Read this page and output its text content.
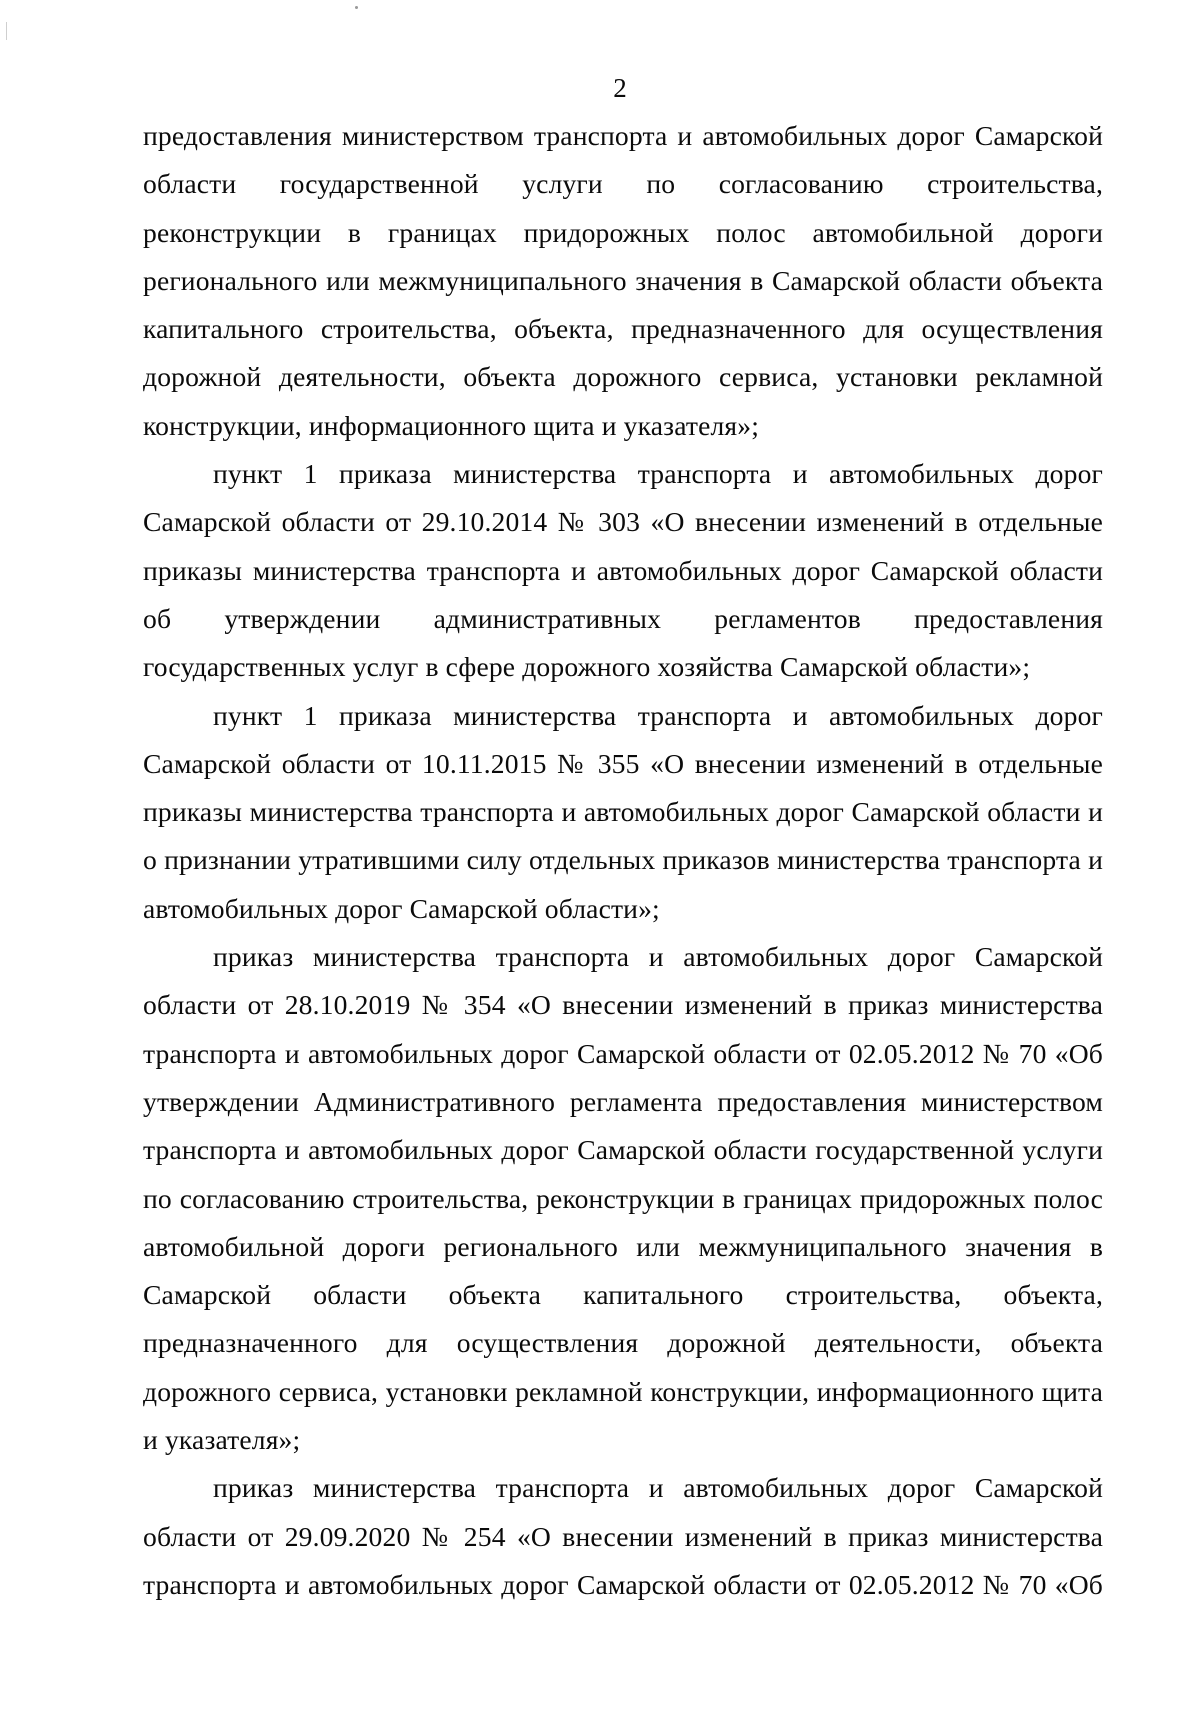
2

предоставления министерством транспорта и автомобильных дорог Самарской области государственной услуги по согласованию строительства, реконструкции в границах придорожных полос автомобильной дороги регионального или межмуниципального значения в Самарской области объекта капитального строительства, объекта, предназначенного для осуществления дорожной деятельности, объекта дорожного сервиса, установки рекламной конструкции, информационного щита и указателя»;

пункт 1 приказа министерства транспорта и автомобильных дорог Самарской области от 29.10.2014 № 303 «О внесении изменений в отдельные приказы министерства транспорта и автомобильных дорог Самарской области об утверждении административных регламентов предоставления государственных услуг в сфере дорожного хозяйства Самарской области»;

пункт 1 приказа министерства транспорта и автомобильных дорог Самарской области от 10.11.2015 № 355 «О внесении изменений в отдельные приказы министерства транспорта и автомобильных дорог Самарской области и о признании утратившими силу отдельных приказов министерства транспорта и автомобильных дорог Самарской области»;

приказ министерства транспорта и автомобильных дорог Самарской области от 28.10.2019 № 354 «О внесении изменений в приказ министерства транспорта и автомобильных дорог Самарской области от 02.05.2012 № 70 «Об утверждении Административного регламента предоставления министерством транспорта и автомобильных дорог Самарской области государственной услуги по согласованию строительства, реконструкции в границах придорожных полос автомобильной дороги регионального или межмуниципального значения в Самарской области объекта капитального строительства, объекта, предназначенного для осуществления дорожной деятельности, объекта дорожного сервиса, установки рекламной конструкции, информационного щита и указателя»;

приказ министерства транспорта и автомобильных дорог Самарской области от 29.09.2020 № 254 «О внесении изменений в приказ министерства транспорта и автомобильных дорог Самарской области от 02.05.2012 № 70 «Об
